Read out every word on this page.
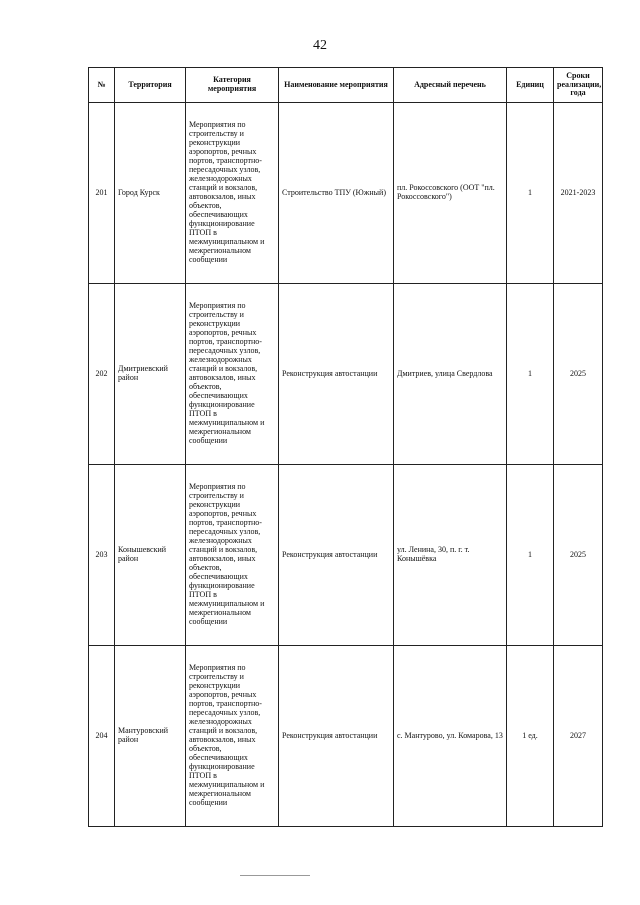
42
№	Территория	Категория мероприятия	Наименование мероприятия	Адресный перечень	Единиц	Сроки реализации, года
201	Город Курск	Мероприятия по строительству и реконструкции аэропортов, речных портов, транспортно-пересадочных узлов, железнодорожных станций и вокзалов, автовокзалов, иных объектов, обеспечивающих функционирование ПТОП в межмуниципальном и межрегиональном сообщении	Строительство ТПУ (Южный)	пл. Рокоссовского (ООТ "пл. Рокоссовского")	1	2021-2023
202	Дмитриевский район	Мероприятия по строительству и реконструкции аэропортов, речных портов, транспортно-пересадочных узлов, железнодорожных станций и вокзалов, автовокзалов, иных объектов, обеспечивающих функционирование ПТОП в межмуниципальном и межрегиональном сообщении	Реконструкция автостанции	Дмитриев, улица Свердлова	1	2025
203	Конышевский район	Мероприятия по строительству и реконструкции аэропортов, речных портов, транспортно-пересадочных узлов, железнодорожных станций и вокзалов, автовокзалов, иных объектов, обеспечивающих функционирование ПТОП в межмуниципальном и межрегиональном сообщении	Реконструкция автостанции	ул. Ленина, 30, п. г. т. Конышёвка	1	2025
204	Мантуровский район	Мероприятия по строительству и реконструкции аэропортов, речных портов, транспортно-пересадочных узлов, железнодорожных станций и вокзалов, автовокзалов, иных объектов, обеспечивающих функционирование ПТОП в межмуниципальном и межрегиональном сообщении	Реконструкция автостанции	с. Мантурово, ул. Комарова, 13	1 ед.	2027
